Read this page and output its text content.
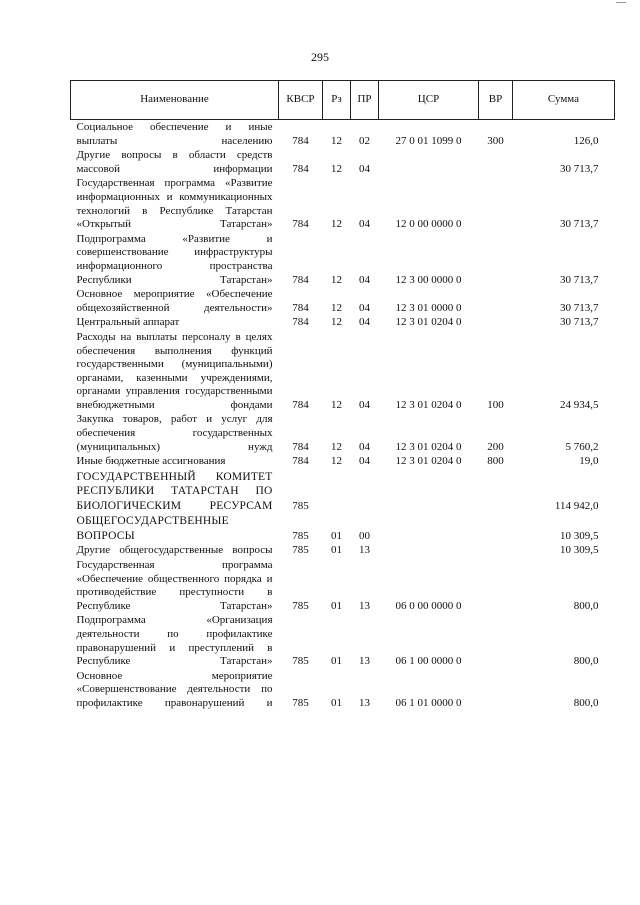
295
Наименование	КВСР	Рз	ПР	ЦСР	ВР	Сумма
Социальное обеспечение и иные выплаты населению	784	12	02	27 0 01 1099 0	300	126,0
Другие вопросы в области средств массовой информации	784	12	04			30 713,7
Государственная программа «Развитие информационных и коммуникационных технологий в Республике Татарстан «Открытый Татарстан»	784	12	04	12 0 00 0000 0		30 713,7
Подпрограмма «Развитие и совершенствование инфраструктуры информационного пространства Республики Татарстан»	784	12	04	12 3 00 0000 0		30 713,7
Основное мероприятие «Обеспечение общехозяйственной деятельности»	784	12	04	12 3 01 0000 0		30 713,7
Центральный аппарат	784	12	04	12 3 01 0204 0		30 713,7
Расходы на выплаты персоналу в целях обеспечения выполнения функций государственными (муниципальными) органами, казенными учреждениями, органами управления государственными внебюджетными фондами	784	12	04	12 3 01 0204 0	100	24 934,5
Закупка товаров, работ и услуг для обеспечения государственных (муниципальных) нужд	784	12	04	12 3 01 0204 0	200	5 760,2
Иные бюджетные ассигнования	784	12	04	12 3 01 0204 0	800	19,0
ГОСУДАРСТВЕННЫЙ КОМИТЕТ РЕСПУБЛИКИ ТАТАРСТАН ПО БИОЛОГИЧЕСКИМ РЕСУРСАМ	785					114 942,0
ОБЩЕГОСУДАРСТВЕННЫЕ ВОПРОСЫ	785	01	00			10 309,5
Другие общегосударственные вопросы	785	01	13			10 309,5
Государственная программа «Обеспечение общественного порядка и противодействие преступности в Республике Татарстан»	785	01	13	06 0 00 0000 0		800,0
Подпрограмма «Организация деятельности по профилактике правонарушений и преступлений в Республике Татарстан»	785	01	13	06 1 00 0000 0		800,0
Основное мероприятие «Совершенствование деятельности по профилактике правонарушений и	785	01	13	06 1 01 0000 0		800,0
